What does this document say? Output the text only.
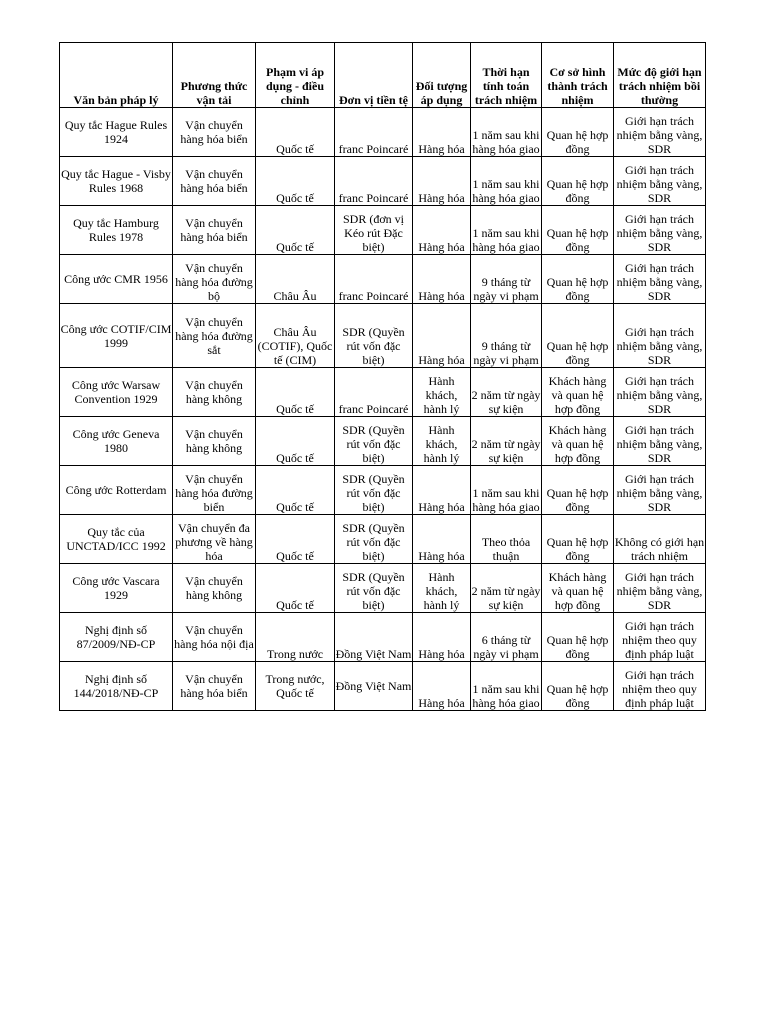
Văn bản pháp lý	Phương thức vận tải	Phạm vi áp dụng - điều chỉnh	Đơn vị tiền tệ	Đối tượng áp dụng	Thời hạn tính toán trách nhiệm	Cơ sở hình thành trách nhiệm	Mức độ giới hạn trách nhiệm bồi thường
Quy tắc Hague Rules 1924	Vận chuyển hàng hóa biển	Quốc tế	franc Poincaré	Hàng hóa	1 năm sau khi hàng hóa giao	Quan hệ hợp đồng	Giới hạn trách nhiệm bằng vàng, SDR
Quy tắc Hague - Visby Rules 1968	Vận chuyển hàng hóa biển	Quốc tế	franc Poincaré	Hàng hóa	1 năm sau khi hàng hóa giao	Quan hệ hợp đồng	Giới hạn trách nhiệm bằng vàng, SDR
Quy tắc Hamburg Rules 1978	Vận chuyển hàng hóa biển	Quốc tế	SDR (đơn vị Kéo rút Đặc biệt)	Hàng hóa	1 năm sau khi hàng hóa giao	Quan hệ hợp đồng	Giới hạn trách nhiệm bằng vàng, SDR
Công ước CMR 1956	Vận chuyển hàng hóa đường bộ	Châu Âu	franc Poincaré	Hàng hóa	9 tháng từ ngày vi phạm	Quan hệ hợp đồng	Giới hạn trách nhiệm bằng vàng, SDR
Công ước COTIF/CIM 1999	Vận chuyển hàng hóa đường sắt	Châu Âu (COTIF), Quốc tế (CIM)	SDR (Quyền rút vốn đặc biệt)	Hàng hóa	9 tháng từ ngày vi phạm	Quan hệ hợp đồng	Giới hạn trách nhiệm bằng vàng, SDR
Công ước Warsaw Convention 1929	Vận chuyển hàng không	Quốc tế	franc Poincaré	Hành khách, hành lý	2 năm từ ngày sự kiện	Khách hàng và quan hệ hợp đồng	Giới hạn trách nhiệm bằng vàng, SDR
Công ước Geneva 1980	Vận chuyển hàng không	Quốc tế	SDR (Quyền rút vốn đặc biệt)	Hành khách, hành lý	2 năm từ ngày sự kiện	Khách hàng và quan hệ hợp đồng	Giới hạn trách nhiệm bằng vàng, SDR
Công ước Rotterdam	Vận chuyển hàng hóa đường biển	Quốc tế	SDR (Quyền rút vốn đặc biệt)	Hàng hóa	1 năm sau khi hàng hóa giao	Quan hệ hợp đồng	Giới hạn trách nhiệm bằng vàng, SDR
Quy tắc của UNCTAD/ICC 1992	Vận chuyển đa phương về hàng hóa	Quốc tế	SDR (Quyền rút vốn đặc biệt)	Hàng hóa	Theo thỏa thuận	Quan hệ hợp đồng	Không có giới hạn trách nhiệm
Công ước Vascara 1929	Vận chuyển hàng không	Quốc tế	SDR (Quyền rút vốn đặc biệt)	Hành khách, hành lý	2 năm từ ngày sự kiện	Khách hàng và quan hệ hợp đồng	Giới hạn trách nhiệm bằng vàng, SDR
Nghị định số 87/2009/NĐ-CP	Vận chuyển hàng hóa nội địa	Trong nước	Đồng Việt Nam	Hàng hóa	6 tháng từ ngày vi phạm	Quan hệ hợp đồng	Giới hạn trách nhiệm theo quy định pháp luật
Nghị định số 144/2018/NĐ-CP	Vận chuyển hàng hóa biển	Trong nước, Quốc tế	Đồng Việt Nam	Hàng hóa	1 năm sau khi hàng hóa giao	Quan hệ hợp đồng	Giới hạn trách nhiệm theo quy định pháp luật
